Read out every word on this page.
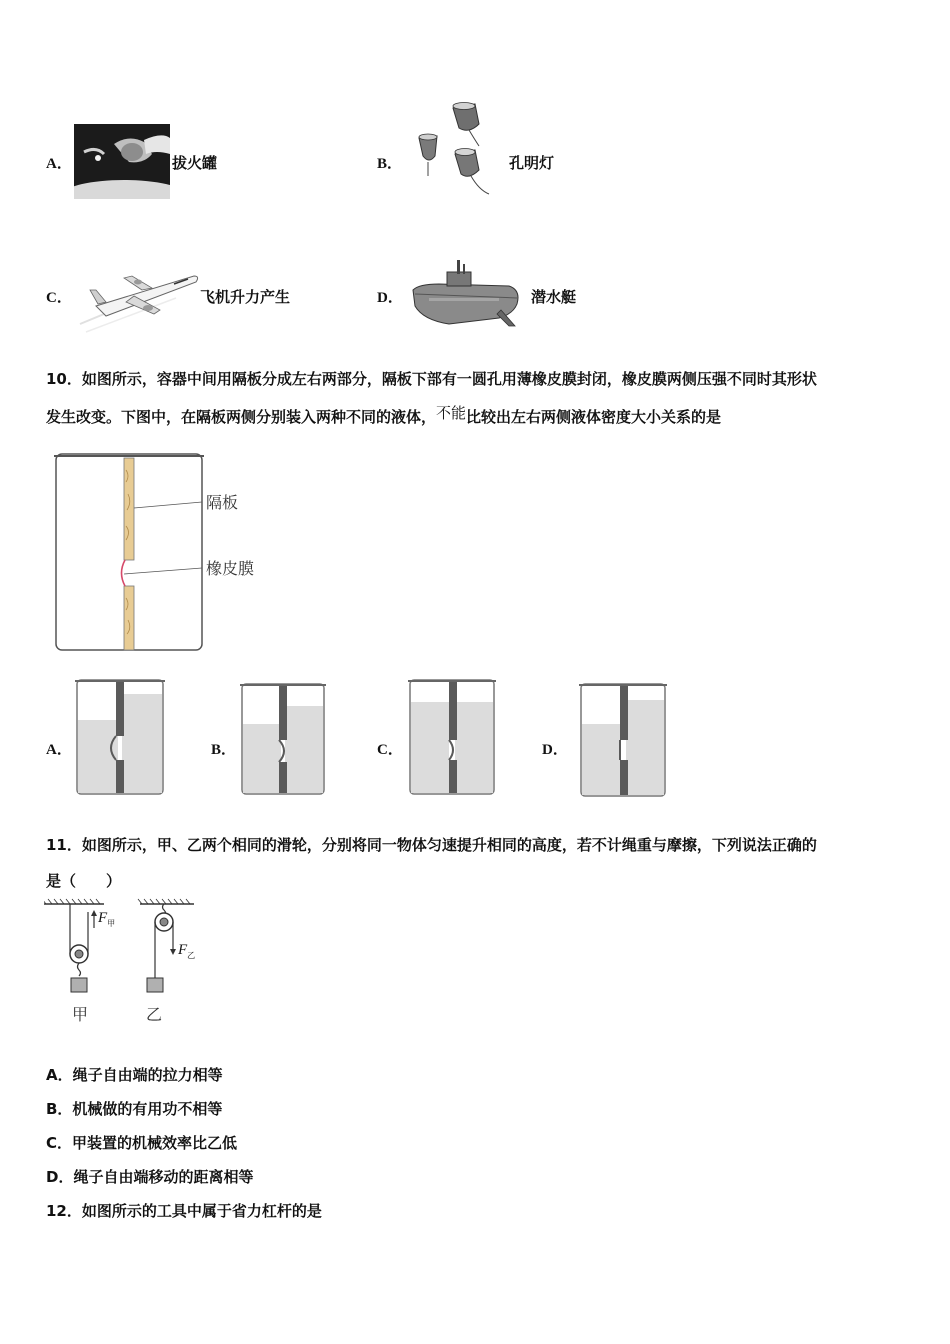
A．	拔火罐	B．	孔明灯
C．	飞机升力产生	D．	潜水艇
10．如图所示，容器中间用隔板分成左右两部分，隔板下部有一圆孔用薄橡皮膜封闭，橡皮膜两侧压强不同时其形状
发生改变。下图中，在隔板两侧分别装入两种不同的液体，不能比较出左右两侧液体密度大小关系的是
隔板
橡皮膜
A．	B．	C．	D．
11．如图所示，甲、乙两个相同的滑轮，分别将同一物体匀速提升相同的高度，若不计绳重与摩擦，下列说法正确的
是（　　）
$F_甲$
$F_乙$
甲	乙
A．绳子自由端的拉力相等
B．机械做的有用功不相等
C．甲装置的机械效率比乙低
D．绳子自由端移动的距离相等
12．如图所示的工具中属于省力杠杆的是
